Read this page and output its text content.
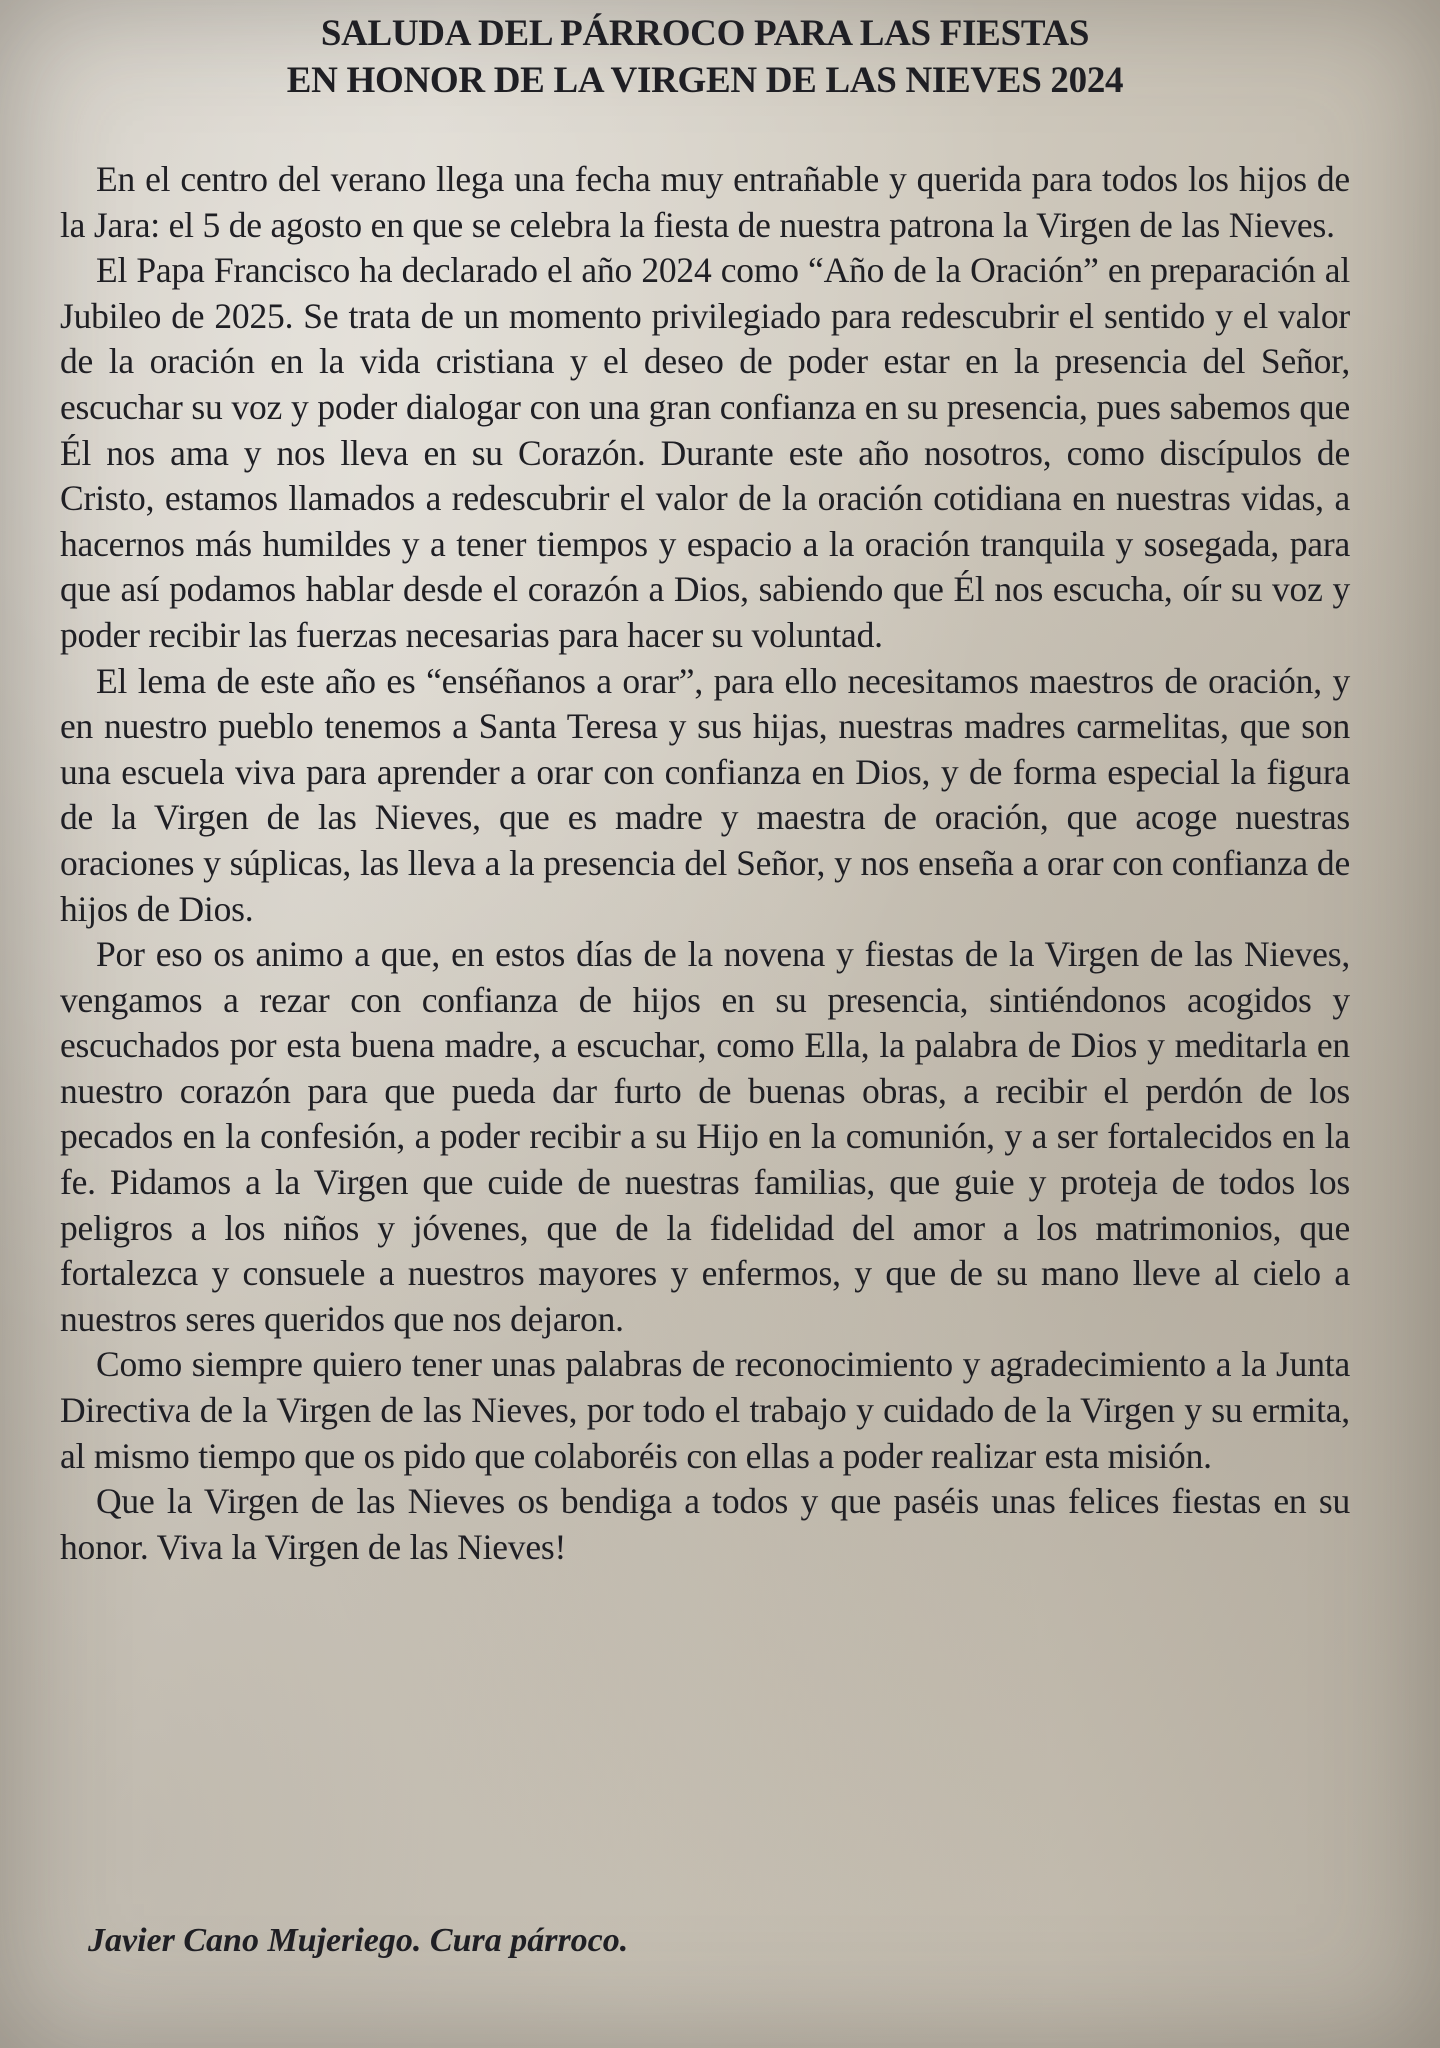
SALUDA DEL PÁRROCO PARA LAS FIESTAS
EN HONOR DE LA VIRGEN DE LAS NIEVES 2024

En el centro del verano llega una fecha muy entrañable y querida para todos los hijos de la Jara: el 5 de agosto en que se celebra la fiesta de nuestra patrona la Virgen de las Nieves.

El Papa Francisco ha declarado el año 2024 como “Año de la Oración” en preparación al Jubileo de 2025. Se trata de un momento privilegiado para redescubrir el sentido y el valor de la oración en la vida cristiana y el deseo de poder estar en la presencia del Señor, escuchar su voz y poder dialogar con una gran confianza en su presencia, pues sabemos que Él nos ama y nos lleva en su Corazón. Durante este año nosotros, como discípulos de Cristo, estamos llamados a redescubrir el valor de la oración cotidiana en nuestras vidas, a hacernos más humildes y a tener tiempos y espacio a la oración tranquila y sosegada, para que así podamos hablar desde el corazón a Dios, sabiendo que Él nos escucha, oír su voz y poder recibir las fuerzas necesarias para hacer su voluntad.

El lema de este año es “enséñanos a orar”, para ello necesitamos maestros de oración, y en nuestro pueblo tenemos a Santa Teresa y sus hijas, nuestras madres carmelitas, que son una escuela viva para aprender a orar con confianza en Dios, y de forma especial la figura de la Virgen de las Nieves, que es madre y maestra de oración, que acoge nuestras oraciones y súplicas, las lleva a la presencia del Señor, y nos enseña a orar con confianza de hijos de Dios.

Por eso os animo a que, en estos días de la novena y fiestas de la Virgen de las Nieves, vengamos a rezar con confianza de hijos en su presencia, sintiéndonos acogidos y escuchados por esta buena madre, a escuchar, como Ella, la palabra de Dios y meditarla en nuestro corazón para que pueda dar furto de buenas obras, a recibir el perdón de los pecados en la confesión, a poder recibir a su Hijo en la comunión, y a ser fortalecidos en la fe. Pidamos a la Virgen que cuide de nuestras familias, que guie y proteja de todos los peligros a los niños y jóvenes, que de la fidelidad del amor a los matrimonios, que fortalezca y consuele a nuestros mayores y enfermos, y que de su mano lleve al cielo a nuestros seres queridos que nos dejaron.

Como siempre quiero tener unas palabras de reconocimiento y agradecimiento a la Junta Directiva de la Virgen de las Nieves, por todo el trabajo y cuidado de la Virgen y su ermita, al mismo tiempo que os pido que colaboréis con ellas a poder realizar esta misión.

Que la Virgen de las Nieves os bendiga a todos y que paséis unas felices fiestas en su honor. Viva la Virgen de las Nieves!

Javier Cano Mujeriego. Cura párroco.
